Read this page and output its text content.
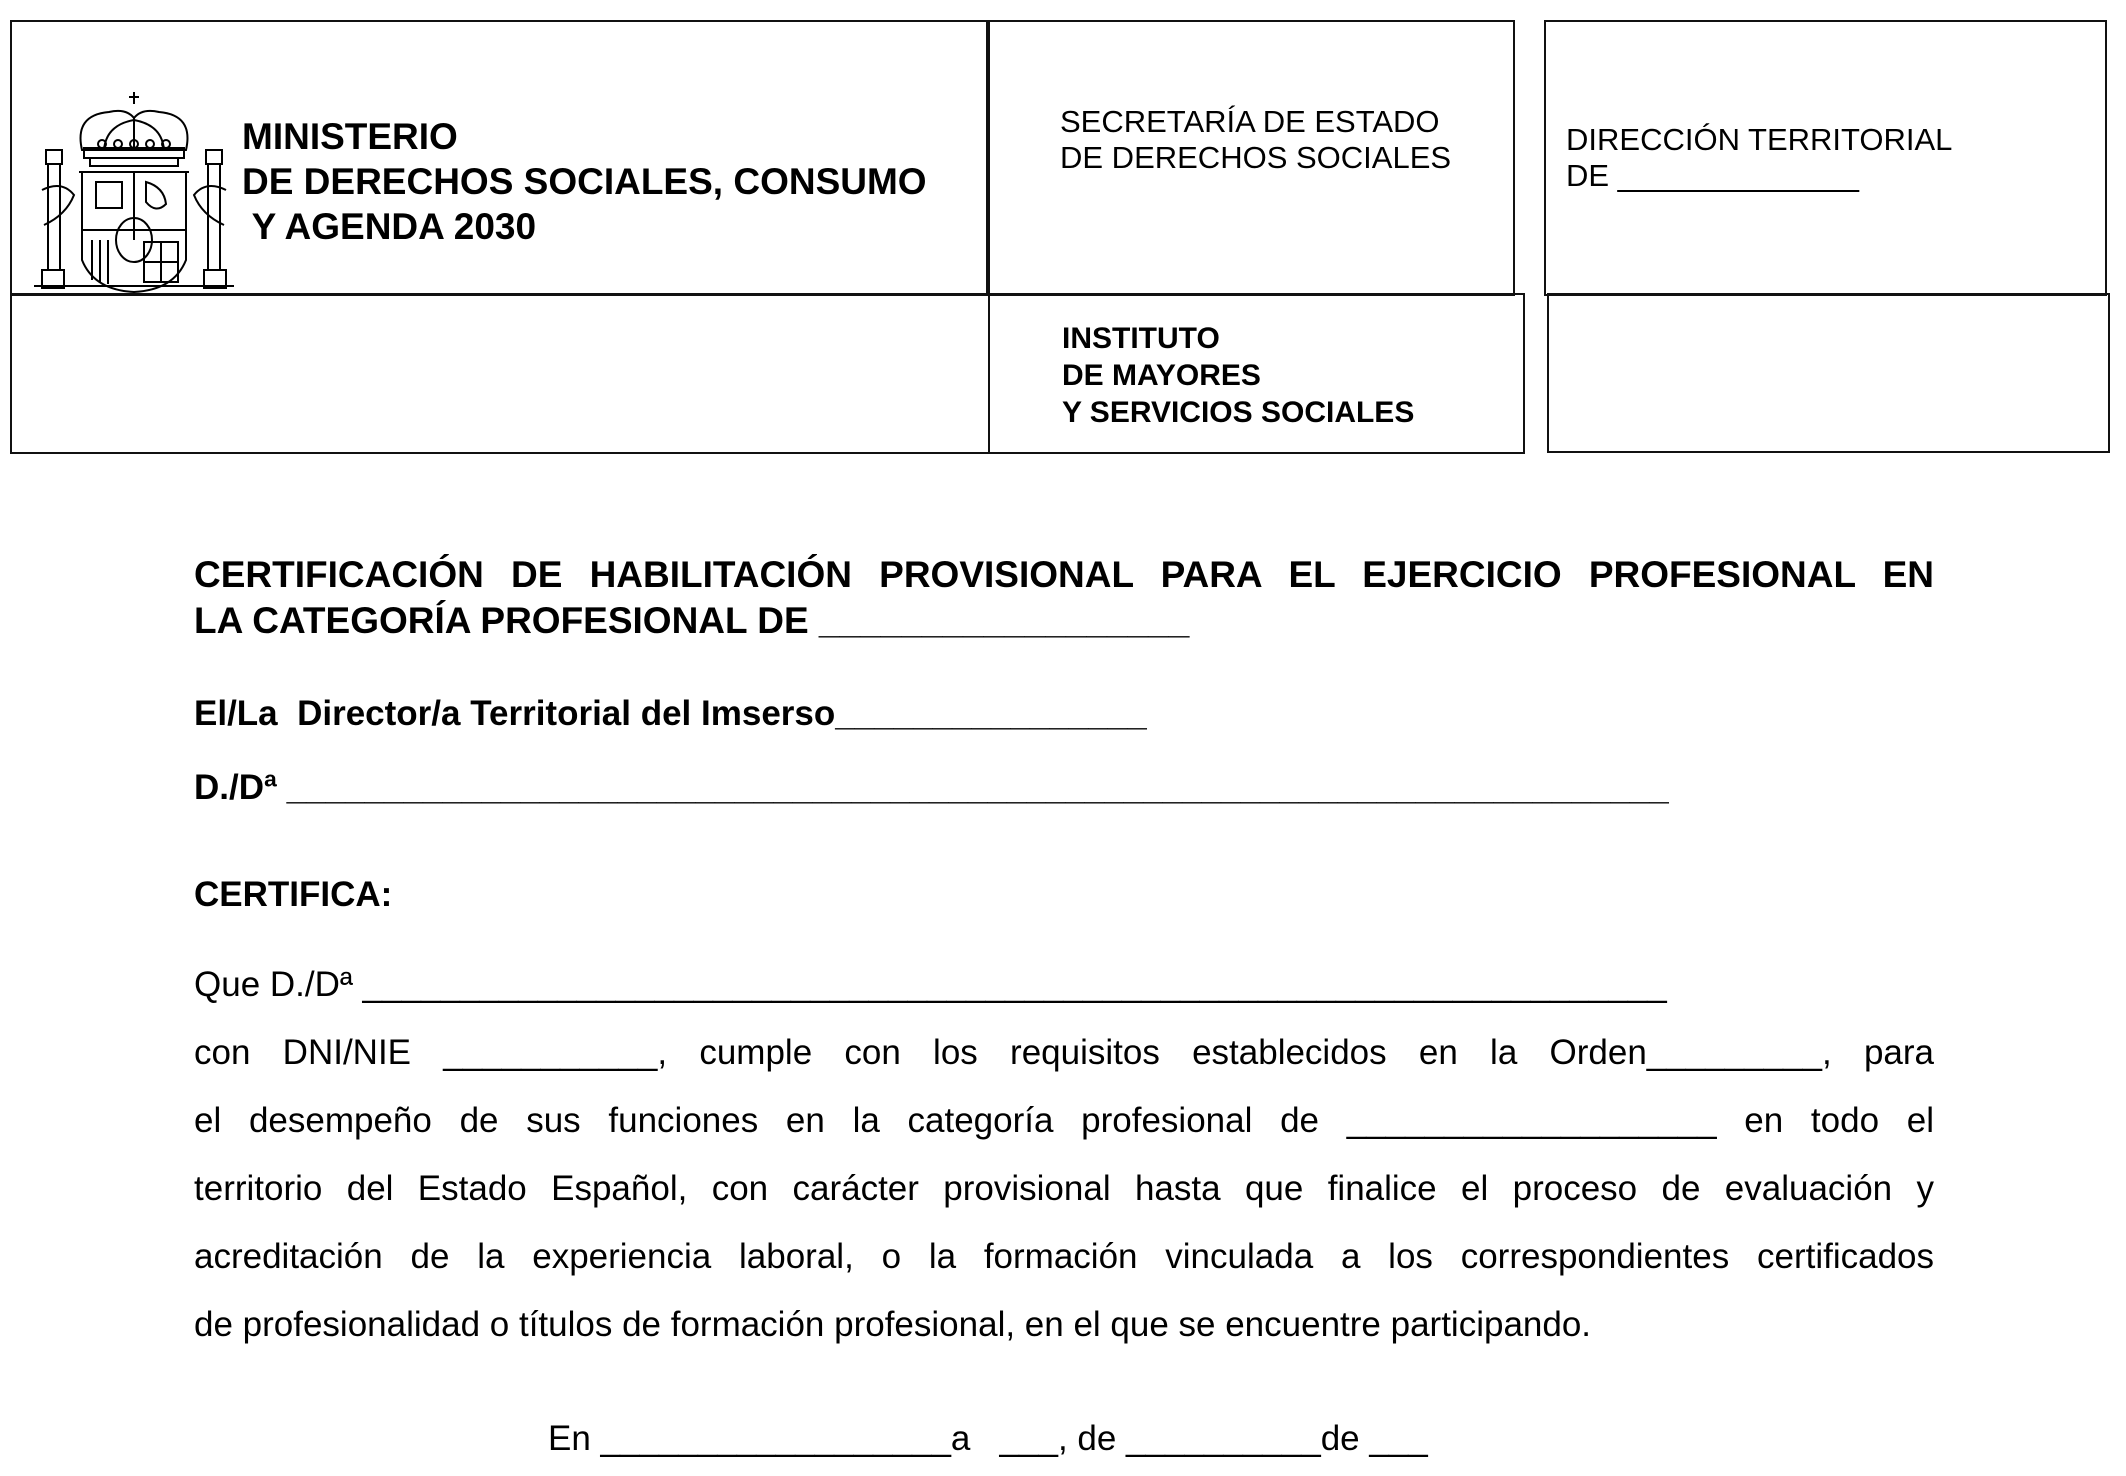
MINISTERIO
DE DERECHOS SOCIALES, CONSUMO
Y AGENDA 2030
SECRETARÍA DE ESTADO
DE DERECHOS SOCIALES
DIRECCIÓN TERRITORIAL
DE ______________
INSTITUTO
DE MAYORES
Y SERVICIOS SOCIALES
CERTIFICACIÓN DE HABILITACIÓN PROVISIONAL PARA EL EJERCICIO PROFESIONAL EN
LA CATEGORÍA PROFESIONAL DE __________________
El/La  Director/a Territorial del Imserso________________
D./Dª _______________________________________________________________________
CERTIFICA:
Que D./Dª ___________________________________________________________________
con DNI/NIE ___________, cumple con los requisitos establecidos en la Orden_________, para
el desempeño de sus funciones en la categoría profesional de ___________________ en todo el
territorio del Estado Español, con carácter provisional hasta que finalice el proceso de evaluación y
acreditación de la experiencia laboral, o la formación vinculada a los correspondientes certificados
de profesionalidad o títulos de formación profesional, en el que se encuentre participando.
En __________________a   ___, de __________de ___
